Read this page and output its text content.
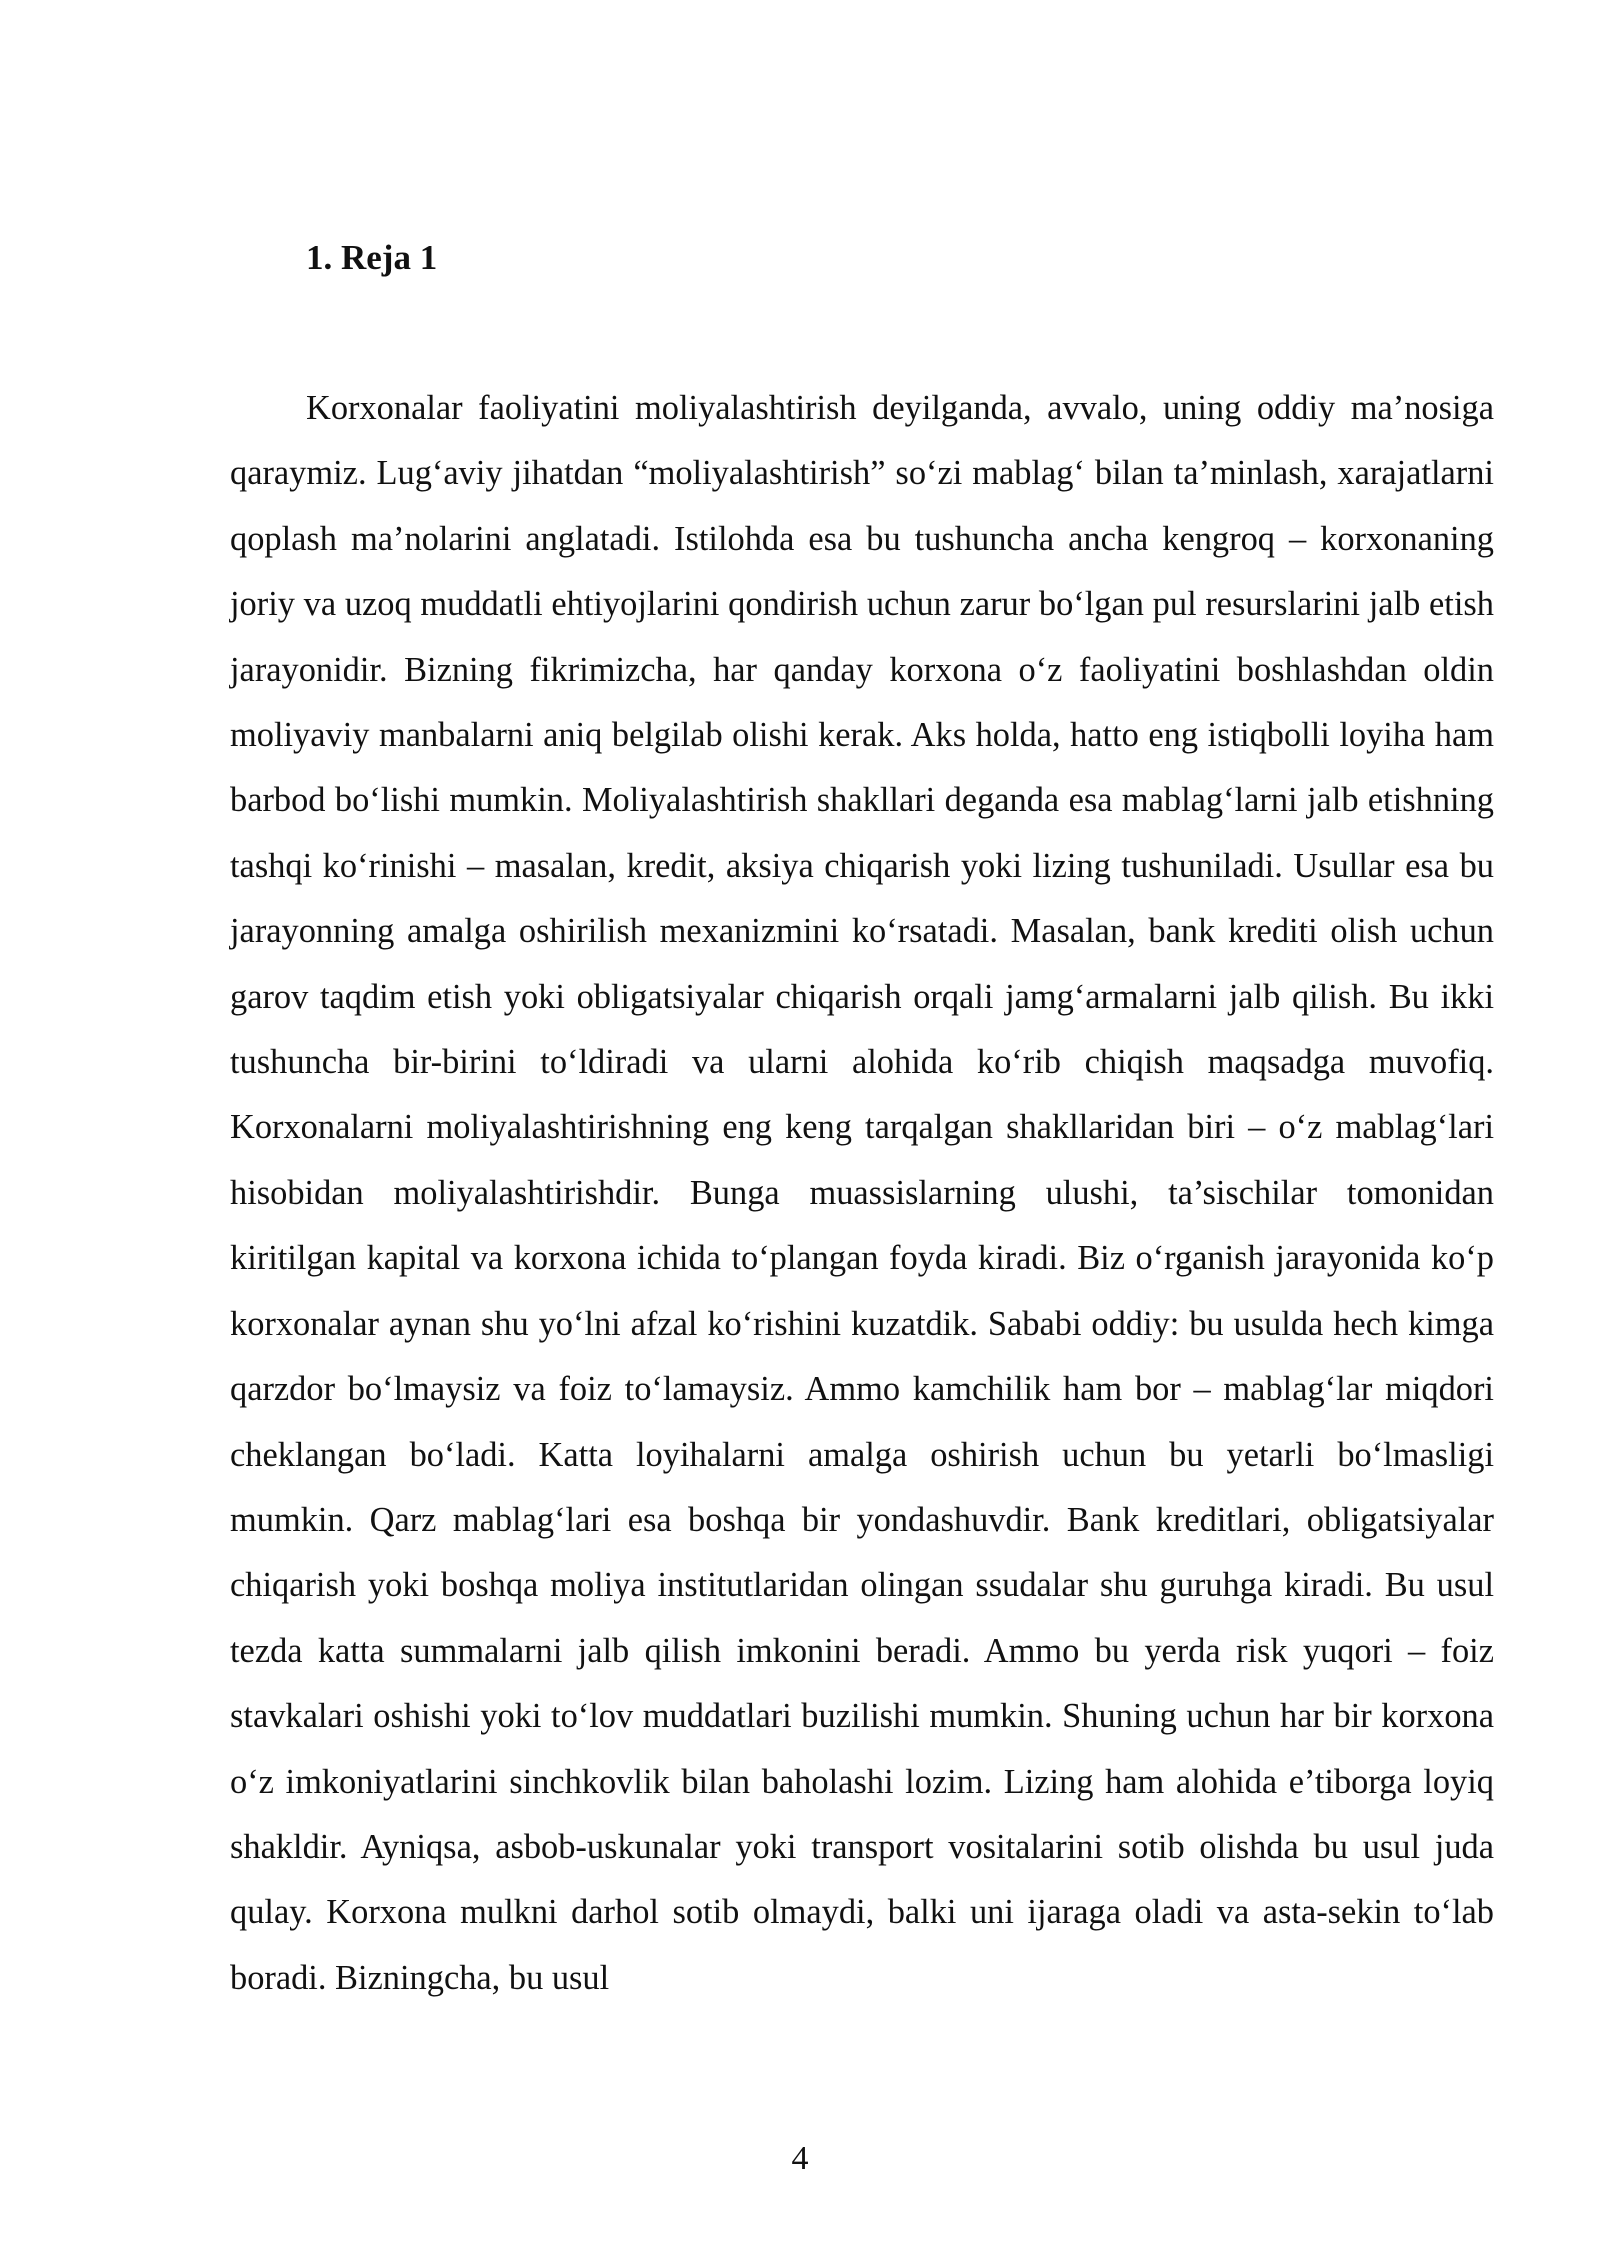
1. Reja 1

Korxonalar faoliyatini moliyalashtirish deyilganda, avvalo, uning oddiy ma’nosiga qaraymiz. Lug‘aviy jihatdan “moliyalashtirish” so‘zi mablag‘ bilan ta’minlash, xarajatlarni qoplash ma’nolarini anglatadi. Istilohda esa bu tushuncha ancha kengroq – korxonaning joriy va uzoq muddatli ehtiyojlarini qondirish uchun zarur bo‘lgan pul resurslarini jalb etish jarayonidir. Bizning fikrimizcha, har qanday korxona o‘z faoliyatini boshlashdan oldin moliyaviy manbalarni aniq belgilab olishi kerak. Aks holda, hatto eng istiqbolli loyiha ham barbod bo‘lishi mumkin. Moliyalashtirish shakllari deganda esa mablag‘larni jalb etishning tashqi ko‘rinishi – masalan, kredit, aksiya chiqarish yoki lizing tushuniladi. Usullar esa bu jarayonning amalga oshirilish mexanizmini ko‘rsatadi. Masalan, bank krediti olish uchun garov taqdim etish yoki obligatsiyalar chiqarish orqali jamg‘armalarni jalb qilish. Bu ikki tushuncha bir-birini to‘ldiradi va ularni alohida ko‘rib chiqish maqsadga muvofiq. Korxonalarni moliyalashtirishning eng keng tarqalgan shakllaridan biri – o‘z mablag‘lari hisobidan moliyalashtirishdir. Bunga muassislarning ulushi, ta’sischilar tomonidan kiritilgan kapital va korxona ichida to‘plangan foyda kiradi. Biz o‘rganish jarayonida ko‘p korxonalar aynan shu yo‘lni afzal ko‘rishini kuzatdik. Sababi oddiy: bu usulda hech kimga qarzdor bo‘lmaysiz va foiz to‘lamaysiz. Ammo kamchilik ham bor – mablag‘lar miqdori cheklangan bo‘ladi. Katta loyihalarni amalga oshirish uchun bu yetarli bo‘lmasligi mumkin. Qarz mablag‘lari esa boshqa bir yondashuvdir. Bank kreditlari, obligatsiyalar chiqarish yoki boshqa moliya institutlaridan olingan ssudalar shu guruhga kiradi. Bu usul tezda katta summalarni jalb qilish imkonini beradi. Ammo bu yerda risk yuqori – foiz stavkalari oshishi yoki to‘lov muddatlari buzilishi mumkin. Shuning uchun har bir korxona o‘z imkoniyatlarini sinchkovlik bilan baholashi lozim. Lizing ham alohida e’tiborga loyiq shakldir. Ayniqsa, asbob-uskunalar yoki transport vositalarini sotib olishda bu usul juda qulay. Korxona mulkni darhol sotib olmaydi, balki uni ijaraga oladi va asta-sekin to‘lab boradi. Bizningcha, bu usul

4
